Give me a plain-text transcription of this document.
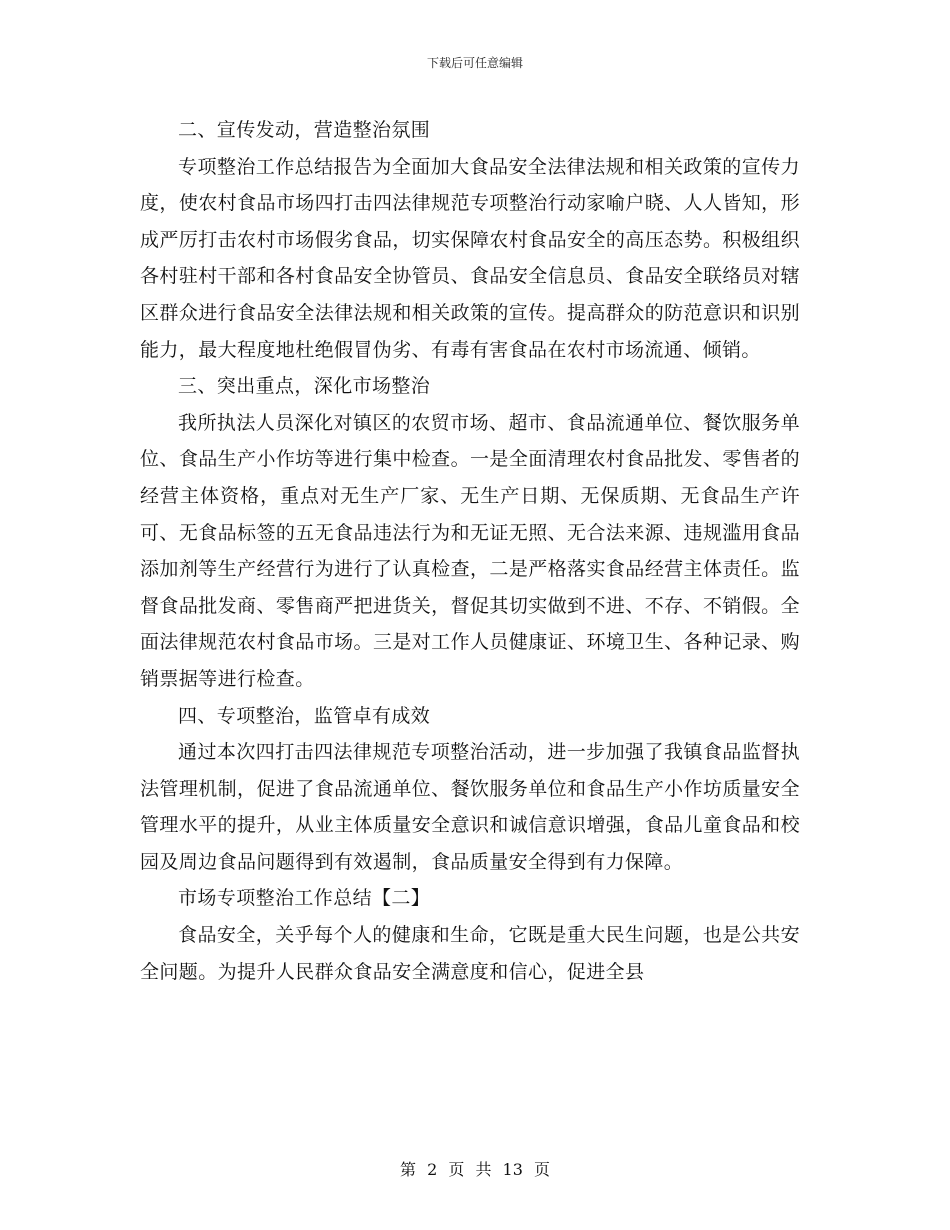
下载后可任意编辑

二、宣传发动，营造整治氛围

专项整治工作总结报告为全面加大食品安全法律法规和相关政策的宣传力度，使农村食品市场四打击四法律规范专项整治行动家喻户晓、人人皆知，形成严厉打击农村市场假劣食品，切实保障农村食品安全的高压态势。积极组织各村驻村干部和各村食品安全协管员、食品安全信息员、食品安全联络员对辖区群众进行食品安全法律法规和相关政策的宣传。提高群众的防范意识和识别能力，最大程度地杜绝假冒伪劣、有毒有害食品在农村市场流通、倾销。

三、突出重点，深化市场整治

我所执法人员深化对镇区的农贸市场、超市、食品流通单位、餐饮服务单位、食品生产小作坊等进行集中检查。一是全面清理农村食品批发、零售者的经营主体资格，重点对无生产厂家、无生产日期、无保质期、无食品生产许可、无食品标签的五无食品违法行为和无证无照、无合法来源、违规滥用食品添加剂等生产经营行为进行了认真检查，二是严格落实食品经营主体责任。监督食品批发商、零售商严把进货关，督促其切实做到不进、不存、不销假。全面法律规范农村食品市场。三是对工作人员健康证、环境卫生、各种记录、购销票据等进行检查。

四、专项整治，监管卓有成效

通过本次四打击四法律规范专项整治活动，进一步加强了我镇食品监督执法管理机制，促进了食品流通单位、餐饮服务单位和食品生产小作坊质量安全管理水平的提升，从业主体质量安全意识和诚信意识增强，食品儿童食品和校园及周边食品问题得到有效遏制，食品质量安全得到有力保障。

市场专项整治工作总结【二】

食品安全，关乎每个人的健康和生命，它既是重大民生问题，也是公共安全问题。为提升人民群众食品安全满意度和信心，促进全县

第 2 页 共 13 页
